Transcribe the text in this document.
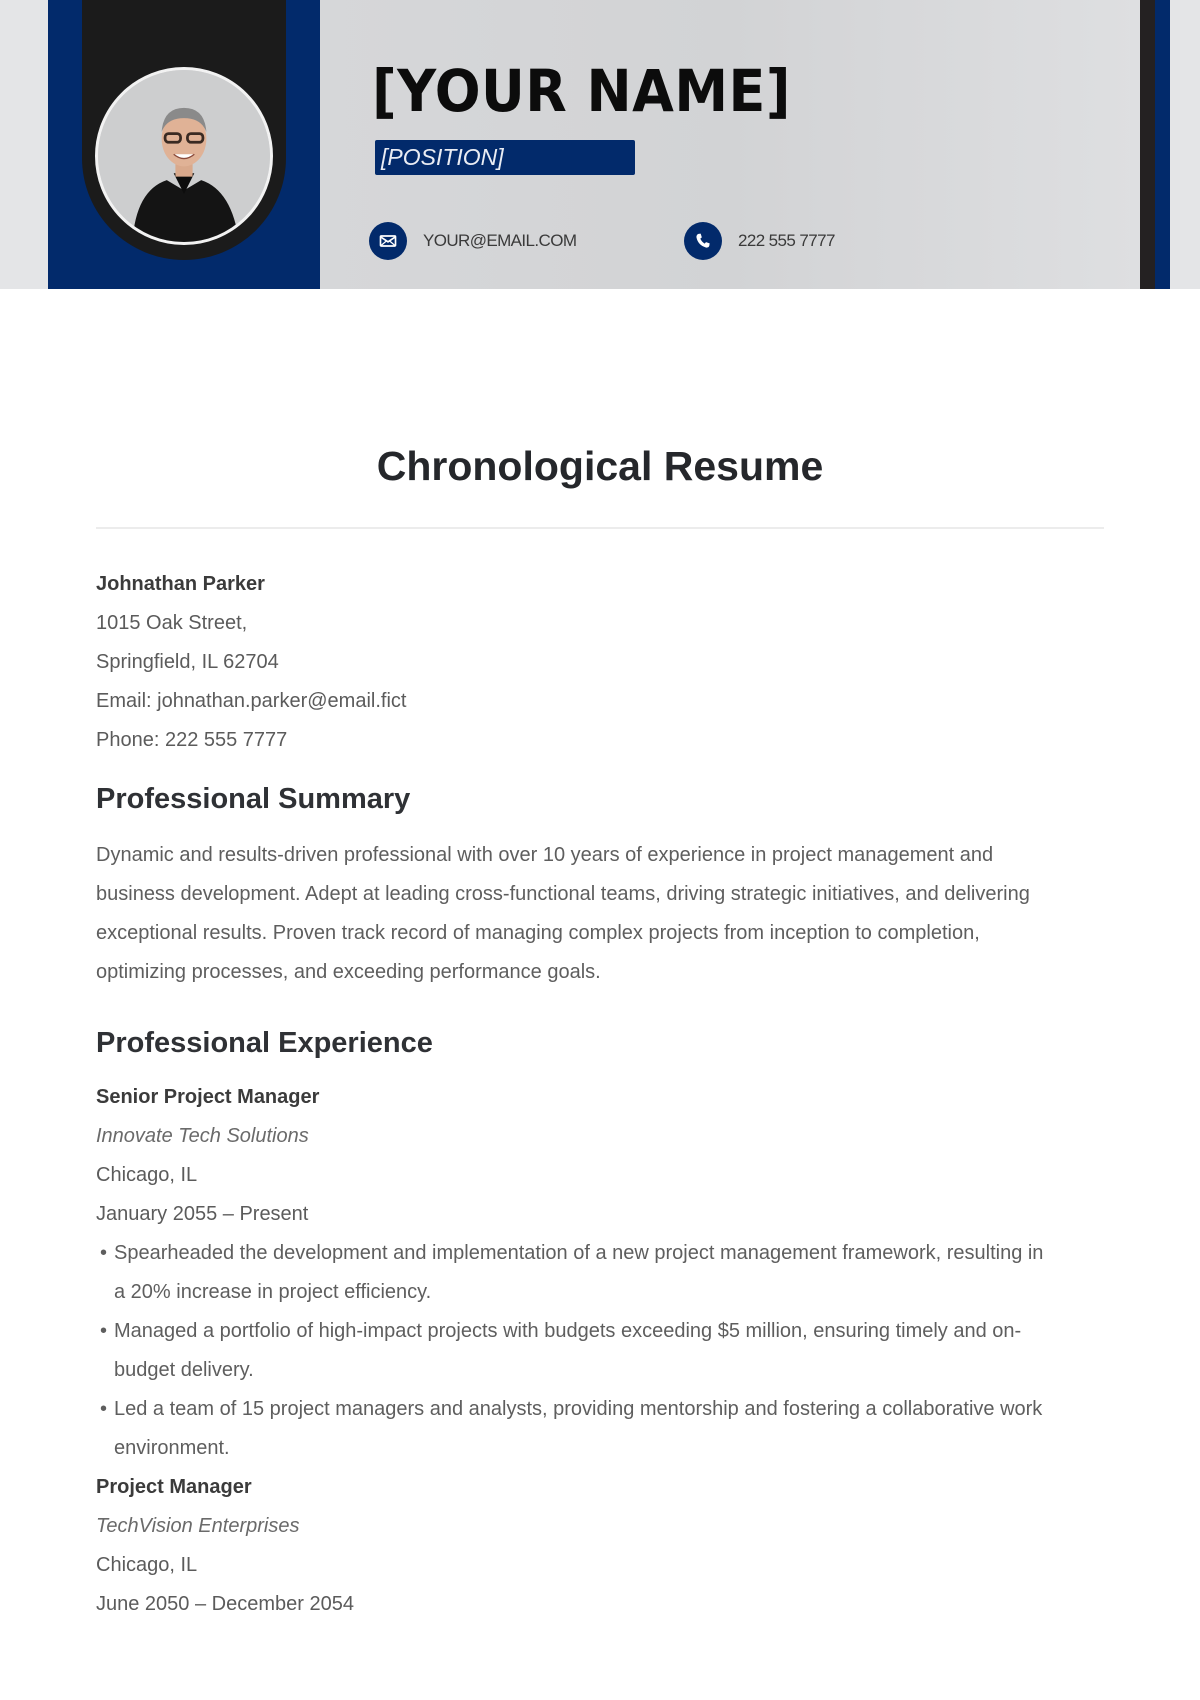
[YOUR NAME]
[POSITION]
YOUR@EMAIL.COM	222 555 7777
Chronological Resume
Johnathan Parker
1015 Oak Street,
Springfield, IL 62704
Email: johnathan.parker@email.fict
Phone: 222 555 7777
Professional Summary

Dynamic and results-driven professional with over 10 years of experience in project management and business development. Adept at leading cross-functional teams, driving strategic initiatives, and delivering exceptional results. Proven track record of managing complex projects from inception to completion, optimizing processes, and exceeding performance goals.

Professional Experience
Senior Project Manager
Innovate Tech Solutions
Chicago, IL
January 2055 – Present
• Spearheaded the development and implementation of a new project management framework, resulting in a 20% increase in project efficiency.
• Managed a portfolio of high-impact projects with budgets exceeding $5 million, ensuring timely and on-budget delivery.
• Led a team of 15 project managers and analysts, providing mentorship and fostering a collaborative work environment.
Project Manager
TechVision Enterprises
Chicago, IL
June 2050 – December 2054
